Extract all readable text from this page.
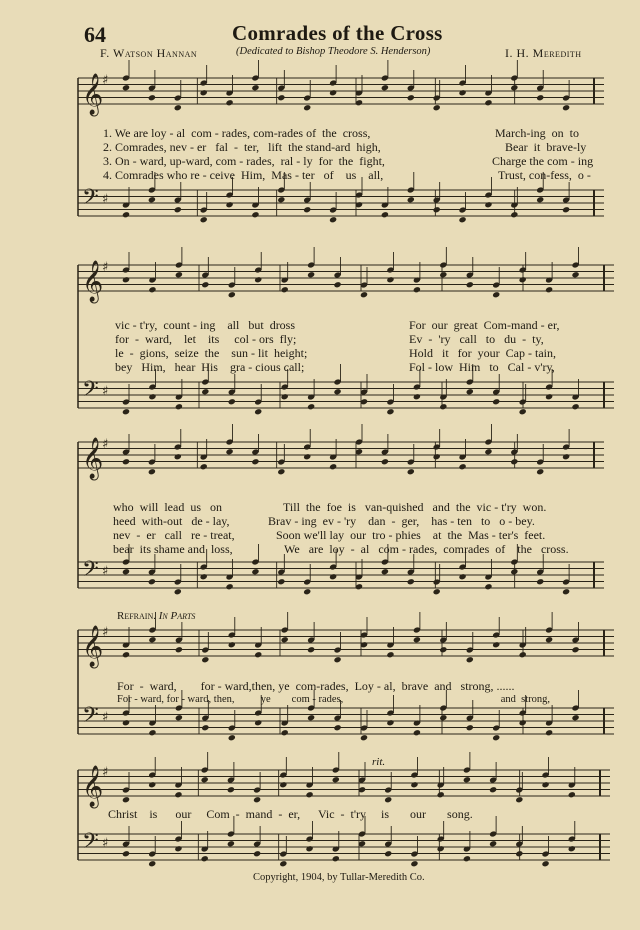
𝄞
♯
𝄢 ♯
𝄞
♯
𝄢 ♯
𝄞
♯
𝄢 ♯
𝄞
♯
𝄢 ♯
𝄞
♯
𝄢 ♯
64	Comrades of the Cross
F. Watson Hannan	(Dedicated to Bishop Theodore S. Henderson)	I. H. Meredith
1. We are loy - al  com - rades, com-rades of  the  cross,
2. Comrades, nev - er   fal  -  ter,   lift  the stand-ard  high,
3. On - ward, up-ward, com - rades,  ral - ly  for  the  fight,
4. Comrades who re - ceive  Him,  Mas - ter   of    us    all,
March-ing  on  to
Bear  it  brave-ly
Charge the com - ing
Trust, con-fess,  o -
vic - t'ry,  count - ing    all   but  dross
for  -  ward,    let    its     col - ors  fly;
le  -  gions,  seize  the    sun - lit  height;
bey   Him,   hear  His    gra - cious call;
For  our  great  Com-mand - er,
Ev  -  'ry   call   to   du  -  ty,
Hold   it   for  your  Cap - tain,
Fol - low  Him   to   Cal - v'ry,
who  will  lead  us   on
heed  with-out   de - lay,
nev  -  er   call   re - treat,
bear  its shame and  loss,
Till  the  foe  is   van-quished   and  the  vic - t'ry  won.
Brav - ing  ev - 'ry    dan  -  ger,    has - ten   to   o - bey.
Soon we'll lay  our  tro - phies    at  the  Mas - ter's  feet.
We   are  loy  -  al   com - rades,  comrades  of    the   cross.
Refrain. In Parts
For  -  ward,        for - ward,then, ye  com-rades,  Loy - al,  brave  and   strong, ......
For - ward, for - ward, then,          ye        com - rades,                                                            and  strong,
rit.
Christ    is      our     Com  -  mand  -  er,      Vic  -  t'ry     is       our       song.
Copyright, 1904, by Tullar-Meredith Co.
